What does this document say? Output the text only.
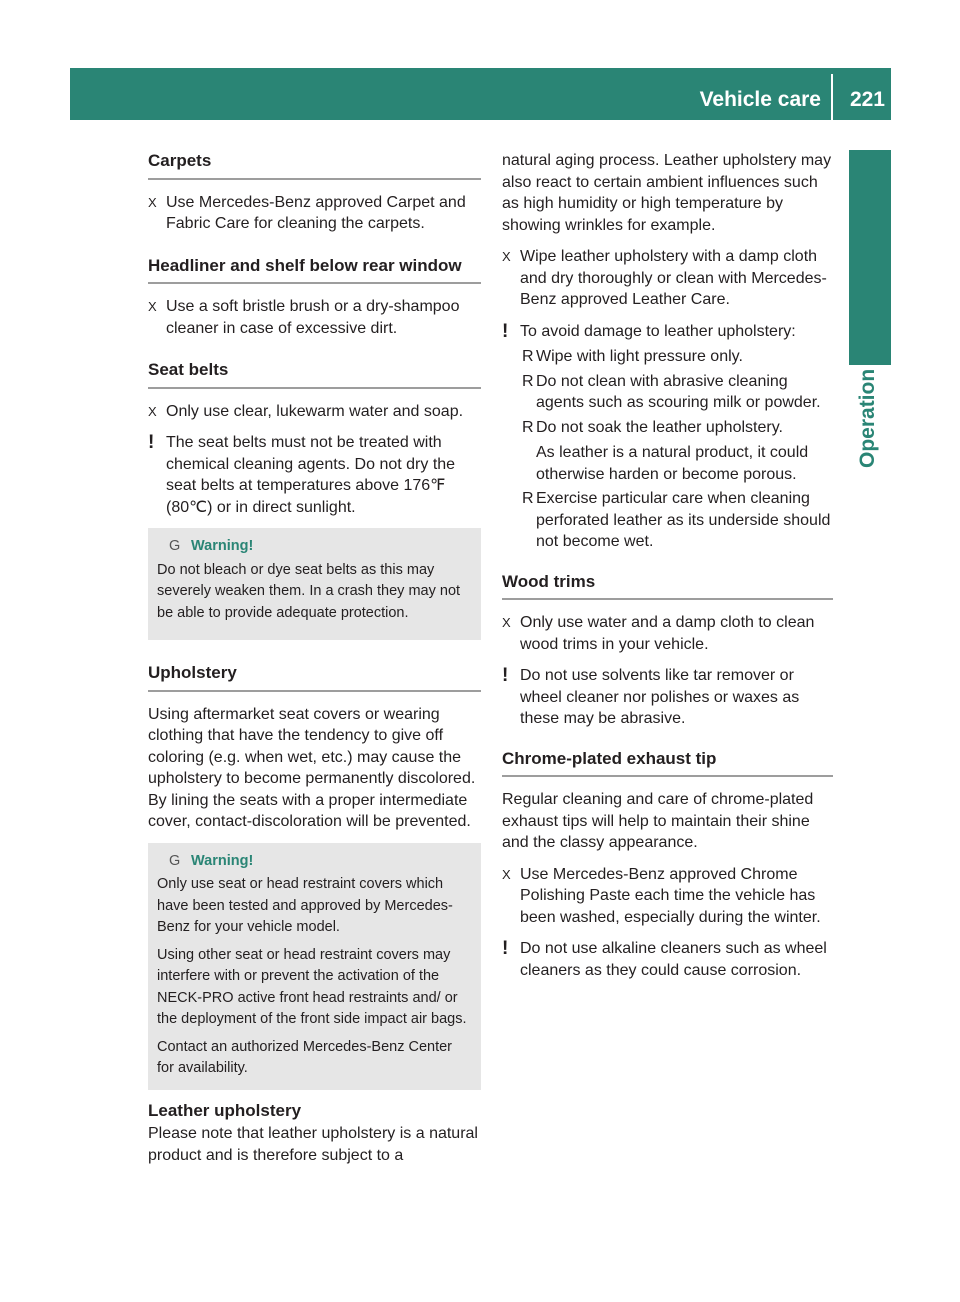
Vehicle care 221
Operation
Carpets
X Use Mercedes-Benz approved Carpet and Fabric Care for cleaning the carpets.
Headliner and shelf below rear window
X Use a soft bristle brush or a dry-shampoo cleaner in case of excessive dirt.
Seat belts
X Only use clear, lukewarm water and soap.
! The seat belts must not be treated with chemical cleaning agents. Do not dry the seat belts at temperatures above 176℉ (80℃) or in direct sunlight.
G Warning!

Do not bleach or dye seat belts as this may severely weaken them. In a crash they may not be able to provide adequate protection.

Upholstery

Using aftermarket seat covers or wearing clothing that have the tendency to give off coloring (e.g. when wet, etc.) may cause the upholstery to become permanently discolored. By lining the seats with a proper intermediate cover, contact-discoloration will be prevented.

G Warning!

Only use seat or head restraint covers which have been tested and approved by Mercedes-Benz for your vehicle model.

Using other seat or head restraint covers may interfere with or prevent the activation of the NECK-PRO active front head restraints and/ or the deployment of the front side impact air bags.

Contact an authorized Mercedes-Benz Center for availability.

Leather upholstery

Please note that leather upholstery is a natural product and is therefore subject to a

natural aging process. Leather upholstery may also react to certain ambient influences such as high humidity or high temperature by showing wrinkles for example.

X Wipe leather upholstery with a damp cloth and dry thoroughly or clean with Mercedes-Benz approved Leather Care.
! To avoid damage to leather upholstery:
R Wipe with light pressure only.
R Do not clean with abrasive cleaning agents such as scouring milk or powder.
R Do not soak the leather upholstery.
As leather is a natural product, it could otherwise harden or become porous.
R Exercise particular care when cleaning perforated leather as its underside should not become wet.
Wood trims
X Only use water and a damp cloth to clean wood trims in your vehicle.
! Do not use solvents like tar remover or wheel cleaner nor polishes or waxes as these may be abrasive.
Chrome-plated exhaust tip

Regular cleaning and care of chrome-plated exhaust tips will help to maintain their shine and the classy appearance.

X Use Mercedes-Benz approved Chrome Polishing Paste each time the vehicle has been washed, especially during the winter.
! Do not use alkaline cleaners such as wheel cleaners as they could cause corrosion.
